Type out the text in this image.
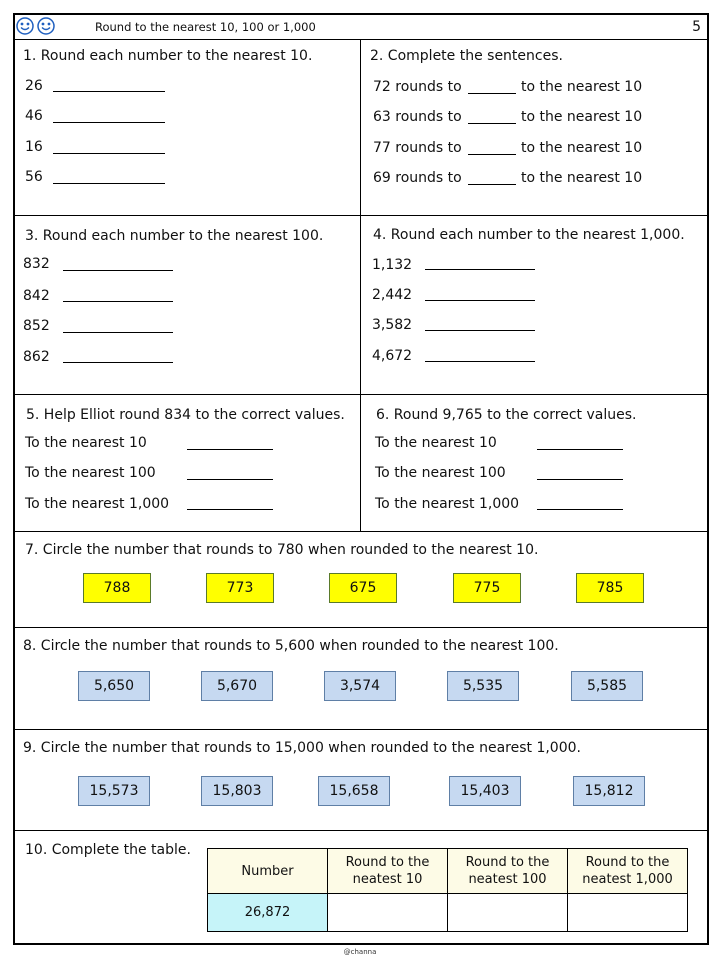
Round to the nearest 10, 100 or 1,000	5
1. Round each number to the nearest 10.
26
46
16
56
2. Complete the sentences.
72 rounds to	to the nearest 10
63 rounds to	to the nearest 10
77 rounds to	to the nearest 10
69 rounds to	to the nearest 10
3. Round each number to the nearest 100.
832
842
852
862
4. Round each number to the nearest 1,000.
1,132
2,442
3,582
4,672
5. Help Elliot round 834 to the correct values.
To the nearest 10
To the nearest 100
To the nearest 1,000
6. Round 9,765 to the correct values.
To the nearest 10
To the nearest 100
To the nearest 1,000
7. Circle the number that rounds to 780 when rounded to the nearest 10.
788	773	675	775	785
8. Circle the number that rounds to 5,600 when rounded to the nearest 100.
5,650	5,670	3,574	5,535	5,585
9. Circle the number that rounds to 15,000 when rounded to the nearest 1,000.
15,573	15,803	15,658	15,403	15,812
10. Complete the table.
Number	Round to the neatest 10	Round to the neatest 100	Round to the neatest 1,000
26,872			
@channa
